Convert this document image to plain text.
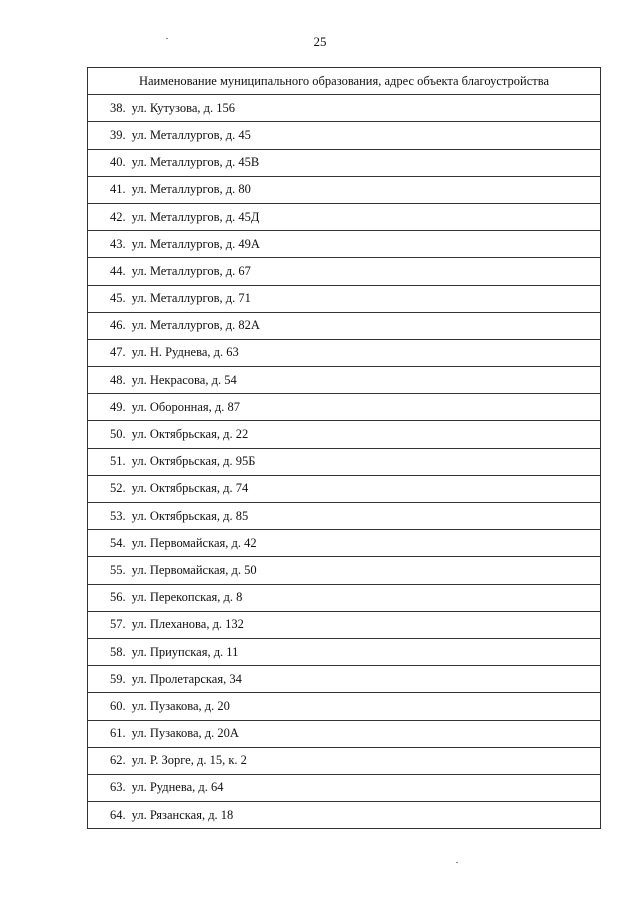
25
Наименование муниципального образования, адрес объекта благоустройства
38. ул. Кутузова, д. 156
39. ул. Металлургов, д. 45
40. ул. Металлургов, д. 45В
41. ул. Металлургов, д. 80
42. ул. Металлургов, д. 45Д
43. ул. Металлургов, д. 49А
44. ул. Металлургов, д. 67
45. ул. Металлургов, д. 71
46. ул. Металлургов, д. 82А
47. ул. Н. Руднева, д. 63
48. ул. Некрасова, д. 54
49. ул. Оборонная, д. 87
50. ул. Октябрьская, д. 22
51. ул. Октябрьская, д. 95Б
52. ул. Октябрьская, д. 74
53. ул. Октябрьская, д. 85
54. ул. Первомайская, д. 42
55. ул. Первомайская, д. 50
56. ул. Перекопская, д. 8
57. ул. Плеханова, д. 132
58. ул. Приупская, д. 11
59. ул. Пролетарская, 34
60. ул. Пузакова, д. 20
61. ул. Пузакова, д. 20А
62. ул. Р. Зорге, д. 15, к. 2
63. ул. Руднева, д. 64
64. ул. Рязанская, д. 18
